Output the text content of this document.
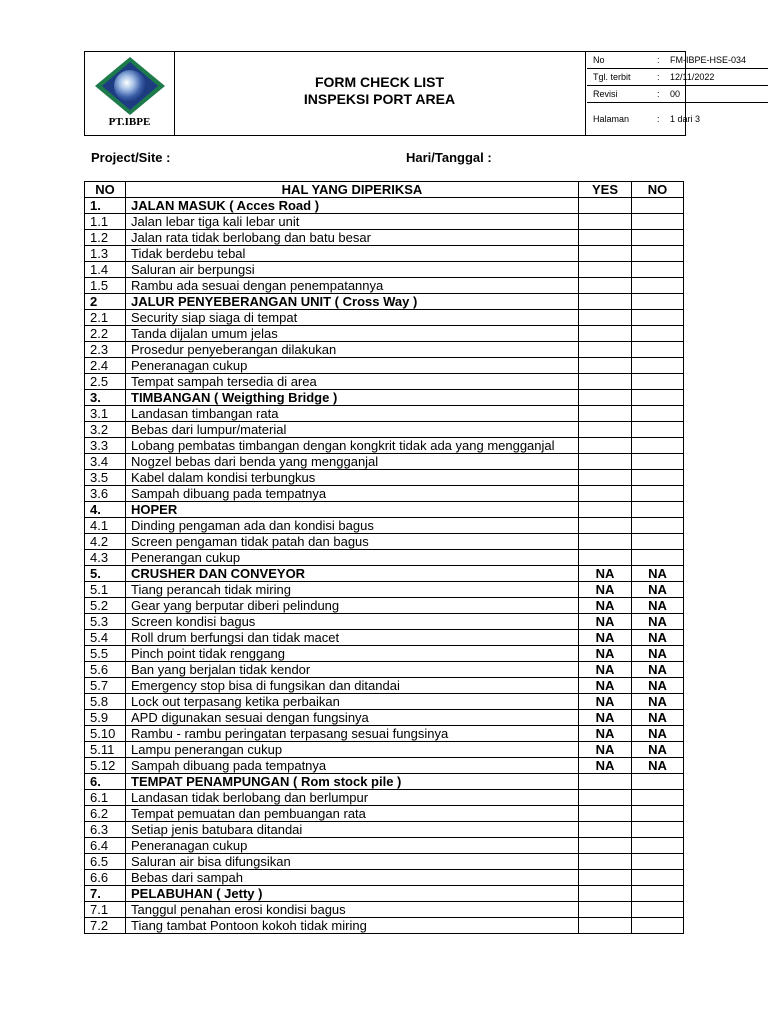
PT.IBPE
FORM CHECK LIST
INSPEKSI PORT AREA
No	: FM-IBPE-HSE-034
Tgl. terbit	: 12/11/2022
Revisi	: 00
Halaman	: 1 dari 3
Project/Site :	Hari/Tanggal :
NO	HAL YANG DIPERIKSA	YES	NO
1.	JALAN MASUK ( Acces Road )		
1.1	Jalan lebar tiga kali lebar unit		
1.2	Jalan rata tidak berlobang dan batu besar		
1.3	Tidak berdebu tebal		
1.4	Saluran air berpungsi		
1.5	Rambu ada sesuai dengan penempatannya		
2	JALUR PENYEBERANGAN UNIT ( Cross Way )		
2.1	Security siap siaga di tempat		
2.2	Tanda dijalan umum jelas		
2.3	Prosedur penyeberangan dilakukan		
2.4	Peneranagan cukup		
2.5	Tempat sampah tersedia di area		
3.	TIMBANGAN ( Weigthing Bridge )		
3.1	Landasan timbangan rata		
3.2	Bebas dari lumpur/material		
3.3	Lobang pembatas timbangan dengan kongkrit tidak ada yang mengganjal		
3.4	Nogzel bebas dari benda yang mengganjal		
3.5	Kabel dalam kondisi terbungkus		
3.6	Sampah dibuang pada tempatnya		
4.	HOPER		
4.1	Dinding pengaman ada dan kondisi bagus		
4.2	Screen pengaman tidak patah dan bagus		
4.3	Penerangan cukup		
5.	CRUSHER DAN CONVEYOR	NA	NA
5.1	Tiang perancah tidak miring	NA	NA
5.2	Gear yang berputar diberi pelindung	NA	NA
5.3	Screen kondisi bagus	NA	NA
5.4	Roll drum berfungsi dan tidak macet	NA	NA
5.5	Pinch point tidak renggang	NA	NA
5.6	Ban yang berjalan tidak kendor	NA	NA
5.7	Emergency stop bisa di fungsikan dan ditandai	NA	NA
5.8	Lock out terpasang ketika perbaikan	NA	NA
5.9	APD digunakan sesuai dengan fungsinya	NA	NA
5.10	Rambu - rambu peringatan terpasang sesuai fungsinya	NA	NA
5.11	Lampu penerangan cukup	NA	NA
5.12	Sampah dibuang pada tempatnya	NA	NA
6.	TEMPAT PENAMPUNGAN ( Rom stock pile )		
6.1	Landasan tidak berlobang dan berlumpur		
6.2	Tempat pemuatan dan pembuangan rata		
6.3	Setiap jenis batubara ditandai		
6.4	Peneranagan cukup		
6.5	Saluran air bisa difungsikan		
6.6	Bebas dari sampah		
7.	PELABUHAN ( Jetty )		
7.1	Tanggul penahan erosi kondisi bagus		
7.2	Tiang tambat Pontoon kokoh tidak miring		
